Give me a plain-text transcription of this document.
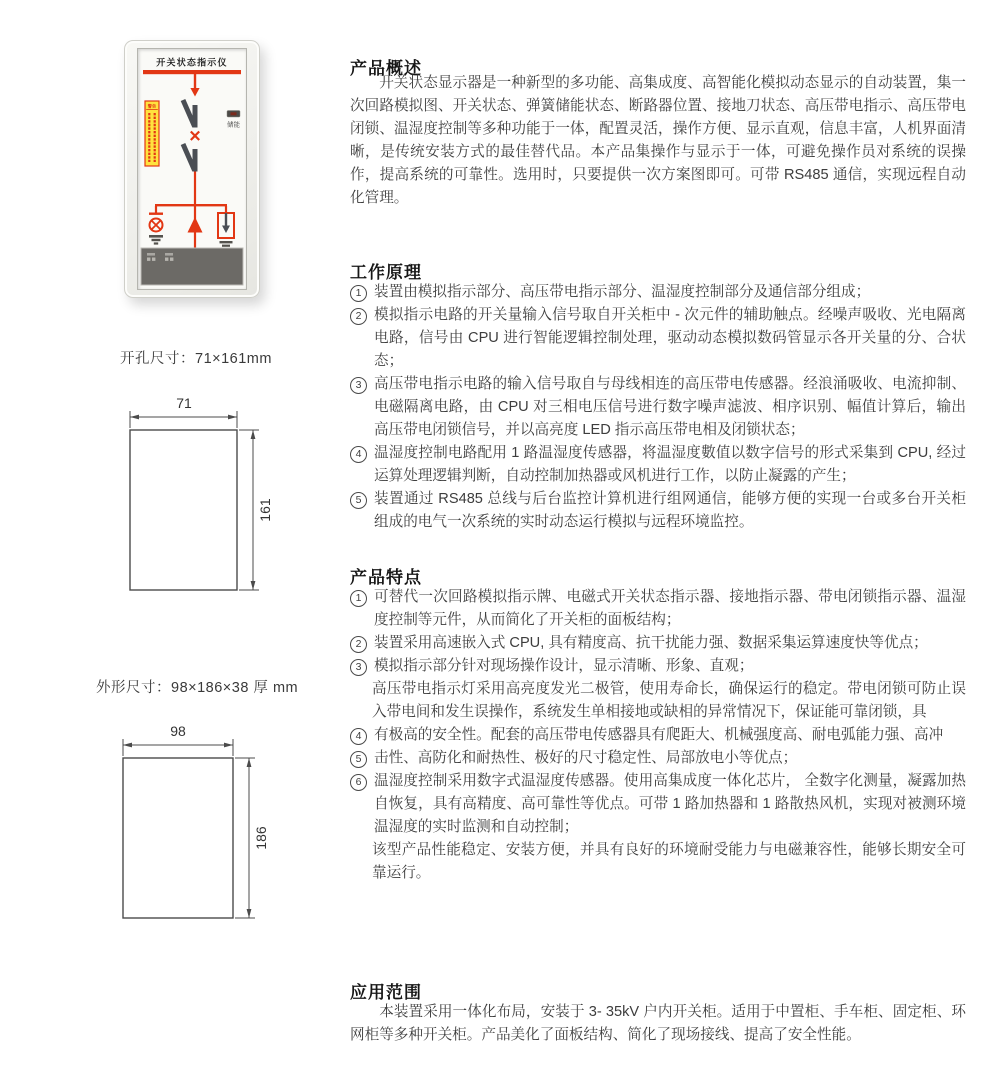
开关状态指示仪
储能
警告
开孔尺寸：71×161mm
71
161
外形尺寸：98×186×38 厚 mm
98
186
产品概述

开关状态显示器是一种新型的多功能、高集成度、高智能化模拟动态显示的自动装置，集一次回路模拟图、开关状态、弹簧储能状态、断路器位置、接地刀状态、高压带电指示、高压带电闭锁、温湿度控制等多种功能于一体，配置灵活，操作方便、显示直观，信息丰富，人机界面清晰，是传统安装方式的最佳替代品。本产品集操作与显示于一体，可避免操作员对系统的误操作，提高系统的可靠性。选用时，只要提供一次方案图即可。可带 RS485 通信，实现远程自动化管理。

工作原理
1 装置由模拟指示部分、高压带电指示部分、温湿度控制部分及通信部分组成；
2 模拟指示电路的开关量输入信号取自开关柜中 - 次元件的辅助触点。经噪声吸收、光电隔离电路，信号由 CPU 进行智能逻辑控制处理，驱动动态模拟数码管显示各开关量的分、合状态；
3 高压带电指示电路的输入信号取自与母线相连的高压带电传感器。经浪涌吸收、电流抑制、电磁隔离电路，由 CPU 对三相电压信号进行数字噪声滤波、相序识别、幅值计算后，输出高压带电闭锁信号，并以高亮度 LED 指示高压带电相及闭锁状态；
4 温湿度控制电路配用 1 路温湿度传感器，将温湿度數值以数字信号的形式采集到 CPU, 经过运算处理逻辑判断，自动控制加热器或风机进行工作，以防止凝露的产生；
5 装置通过 RS485 总线与后台监控计算机进行组网通信，能够方便的实现一台或多台开关柜组成的电气一次系统的实时动态运行模拟与远程环境监控。
产品特点
1 可替代一次回路模拟指示牌、电磁式开关状态指示器、接地指示器、带电闭锁指示器、温湿度控制等元件，从而简化了开关柜的面板结构；
2 装置采用高速嵌入式 CPU, 具有精度高、抗干扰能力强、数据采集运算速度快等优点；
3 模拟指示部分针对现场操作设计，显示清晰、形象、直观；
高压带电指示灯采用高亮度发光二极管，使用寿命长，确保运行的稳定。带电闭锁可防止误入带电间和发生误操作，系统发生单相接地或缺相的异常情况下，保证能可靠闭锁，具
4 有极高的安全性。配套的高压带电传感器具有爬距大、机械强度高、耐电弧能力强、高冲
5 击性、高防化和耐热性、极好的尺寸稳定性、局部放电小等优点；
6 温湿度控制采用数字式温湿度传感器。使用高集成度一体化芯片， 全数字化测量，凝露加热自恢复，具有高精度、高可靠性等优点。可带 1 路加热器和 1 路散热风机，实现对被测环境温湿度的实时监测和自动控制；
该型产品性能稳定、安装方便，并具有良好的环境耐受能力与电磁兼容性，能够长期安全可靠运行。
应用范围

本装置采用一体化布局，安装于 3- 35kV 户内开关柜。适用于中置柜、手车柜、固定柜、环网柜等多种开关柜。产品美化了面板结构、简化了现场接线、提高了安全性能。
